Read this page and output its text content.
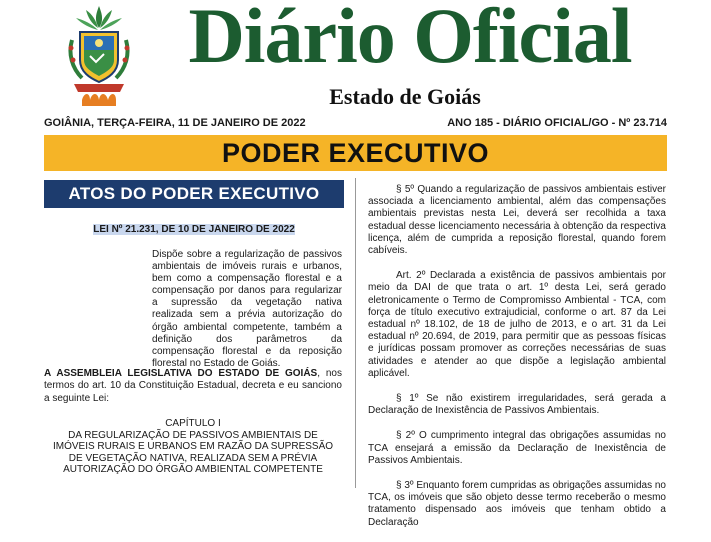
Diário Oficial
Estado de Goiás
GOIÂNIA, TERÇA-FEIRA, 11 DE JANEIRO DE 2022	ANO 185 - DIÁRIO OFICIAL/GO - Nº 23.714
PODER EXECUTIVO
ATOS DO PODER EXECUTIVO
LEI Nº 21.231, DE 10 DE JANEIRO DE 2022
Dispõe sobre a regularização de passivos ambientais de imóveis rurais e urbanos, bem como a compensação florestal e a compensação por danos para regularizar a supressão da vegetação nativa realizada sem a prévia autorização do órgão ambiental competente, também a definição dos parâmetros da compensação florestal e da reposição florestal no Estado de Goiás.
A ASSEMBLEIA LEGISLATIVA DO ESTADO DE GOIÁS, nos termos do art. 10 da Constituição Estadual, decreta e eu sanciono a seguinte Lei:
CAPÍTULO I
DA REGULARIZAÇÃO DE PASSIVOS AMBIENTAIS DE
IMÓVEIS RURAIS E URBANOS EM RAZÃO DA SUPRESSÃO
DE VEGETAÇÃO NATIVA, REALIZADA SEM A PRÉVIA
AUTORIZAÇÃO DO ÓRGÃO AMBIENTAL COMPETENTE

§ 5º Quando a regularização de passivos ambientais estiver associada a licenciamento ambiental, além das compensações ambientais previstas nesta Lei, deverá ser recolhida a taxa estadual desse licenciamento necessária à obtenção da respectiva licença, além de cumprida a reposição florestal, quando forem cabíveis.

Art. 2º Declarada a existência de passivos ambientais por meio da DAI de que trata o art. 1º desta Lei, será gerado eletronicamente o Termo de Compromisso Ambiental - TCA, com força de título executivo extrajudicial, conforme o art. 87 da Lei estadual nº 18.102, de 18 de julho de 2013, e o art. 31 da Lei estadual nº 20.694, de 2019, para permitir que as pessoas físicas e jurídicas possam promover as correções necessárias de suas atividades e atender ao que dispõe a legislação ambiental aplicável.

§ 1º Se não existirem irregularidades, será gerada a Declaração de Inexistência de Passivos Ambientais.

§ 2º O cumprimento integral das obrigações assumidas no TCA ensejará a emissão da Declaração de Inexistência de Passivos Ambientais.

§ 3º Enquanto forem cumpridas as obrigações assumidas no TCA, os imóveis que são objeto desse termo receberão o mesmo tratamento dispensado aos imóveis que tenham obtido a Declaração
